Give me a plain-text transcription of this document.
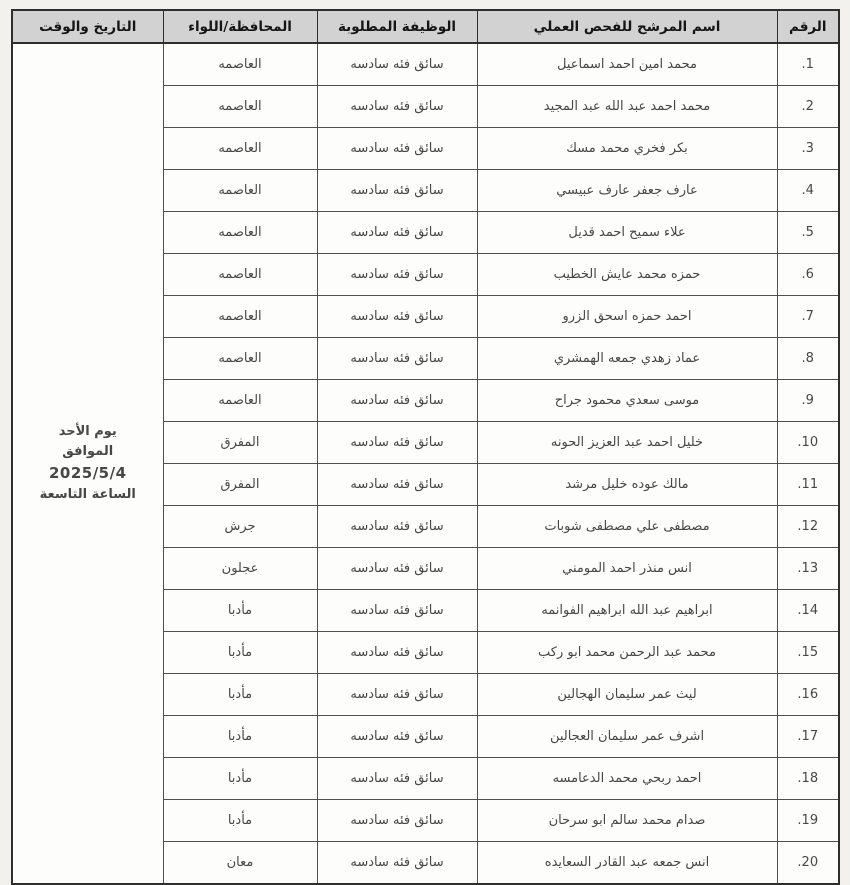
الرقم	اسم المرشح للفحص العملي	الوظيفة المطلوبة	المحافظة/اللواء	التاريخ والوقت
1.	محمد امين احمد اسماعيل	سائق فئه سادسه	العاصمه	يوم الأحد
الموافق
2025/5/4
الساعة التاسعة

2.	محمد احمد عبد الله عبد المجيد	سائق فئه سادسه	العاصمه	
3.	بكر فخري محمد مسك	سائق فئه سادسه	العاصمه	
4.	عارف جعفر عارف عبيسي	سائق فئه سادسه	العاصمه	
5.	علاء سميح احمد قديل	سائق فئه سادسه	العاصمه	
6.	حمزه محمد عايش الخطيب	سائق فئه سادسه	العاصمه	
7.	احمد حمزه اسحق الزرو	سائق فئه سادسه	العاصمه	
8.	عماد زهدي جمعه الهمشري	سائق فئه سادسه	العاصمه	
9.	موسى سعدي محمود جراح	سائق فئه سادسه	العاصمه	
10.	خليل احمد عبد العزيز الحونه	سائق فئه سادسه	المفرق	
11.	مالك عوده خليل مرشد	سائق فئه سادسه	المفرق	
12.	مصطفى علي مصطفى شوبات	سائق فئه سادسه	جرش	
13.	انس منذر احمد المومني	سائق فئه سادسه	عجلون	
14.	ابراهيم عبد الله ابراهيم الفوانمه	سائق فئه سادسه	مأدبا	
15.	محمد عبد الرحمن محمد ابو ركب	سائق فئه سادسه	مأدبا	
16.	ليث عمر سليمان الهجالين	سائق فئه سادسه	مأدبا	
17.	اشرف عمر سليمان العجالين	سائق فئه سادسه	مأدبا	
18.	احمد ربحي محمد الدعامسه	سائق فئه سادسه	مأدبا	
19.	صدام محمد سالم ابو سرحان	سائق فئه سادسه	مأدبا	
20.	انس جمعه عبد القادر السعايده	سائق فئه سادسه	معان	
